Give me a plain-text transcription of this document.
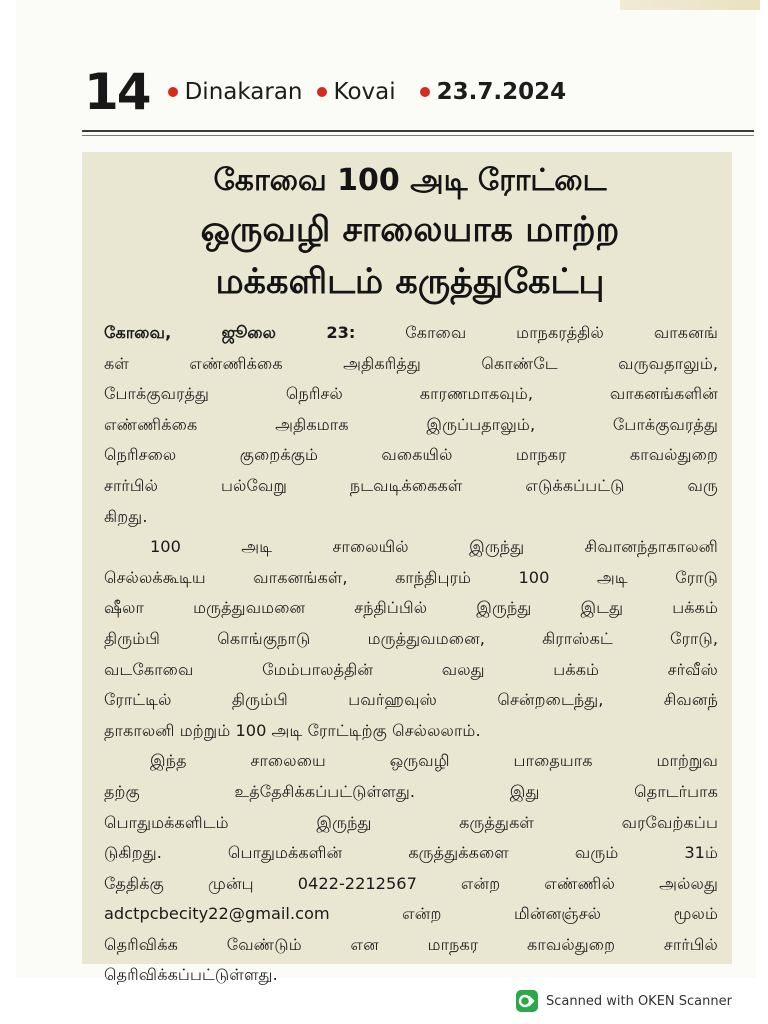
14 Dinakaran Kovai 23.7.2024
கோவை 100 அடி ரோட்டை
ஒருவழி சாலையாக மாற்ற
மக்களிடம் கருத்துகேட்பு
கோவை, ஜூலை 23:	கோவை மாநகரத்தில் வாகனங்
கள் எண்ணிக்கை அதிகரித்து கொண்டே வருவதாலும்,
போக்குவரத்து நெரிசல் காரணமாகவும், வாகனங்களின்
எண்ணிக்கை அதிகமாக இருப்பதாலும், போக்குவரத்து
நெரிசலை குறைக்கும் வகையில் மாநகர காவல்துறை
சார்பில் பல்வேறு நடவடிக்கைகள் எடுக்கப்பட்டு வரு
கிறது.
100 அடி சாலையில் இருந்து சிவானந்தாகாலனி
செல்லக்கூடிய வாகனங்கள், காந்திபுரம் 100 அடி ரோடு
ஷீலா மருத்துவமனை சந்திப்பில் இருந்து இடது பக்கம்
திரும்பி கொங்குநாடு மருத்துவமனை, கிராஸ்கட் ரோடு,
வடகோவை மேம்பாலத்தின் வலது பக்கம் சர்வீஸ்
ரோட்டில் திரும்பி பவர்ஹவுஸ் சென்றடைந்து, சிவனந்
தாகாலனி மற்றும் 100 அடி ரோட்டிற்கு செல்லலாம்.
இந்த சாலையை ஒருவழி பாதையாக மாற்றுவ
தற்கு உத்தேசிக்கப்பட்டுள்ளது. இது தொடர்பாக
பொதுமக்களிடம் இருந்து கருத்துகள் வரவேற்கப்ப
டுகிறது. பொதுமக்களின் கருத்துக்களை வரும் 31ம்
தேதிக்கு முன்பு 0422-2212567 என்ற எண்ணில் அல்லது
adctpcbecity22@gmail.com என்ற மின்னஞ்சல் மூலம்
தெரிவிக்க வேண்டும் என மாநகர காவல்துறை சார்பில்
தெரிவிக்கப்பட்டுள்ளது.
Scanned with OKEN Scanner
